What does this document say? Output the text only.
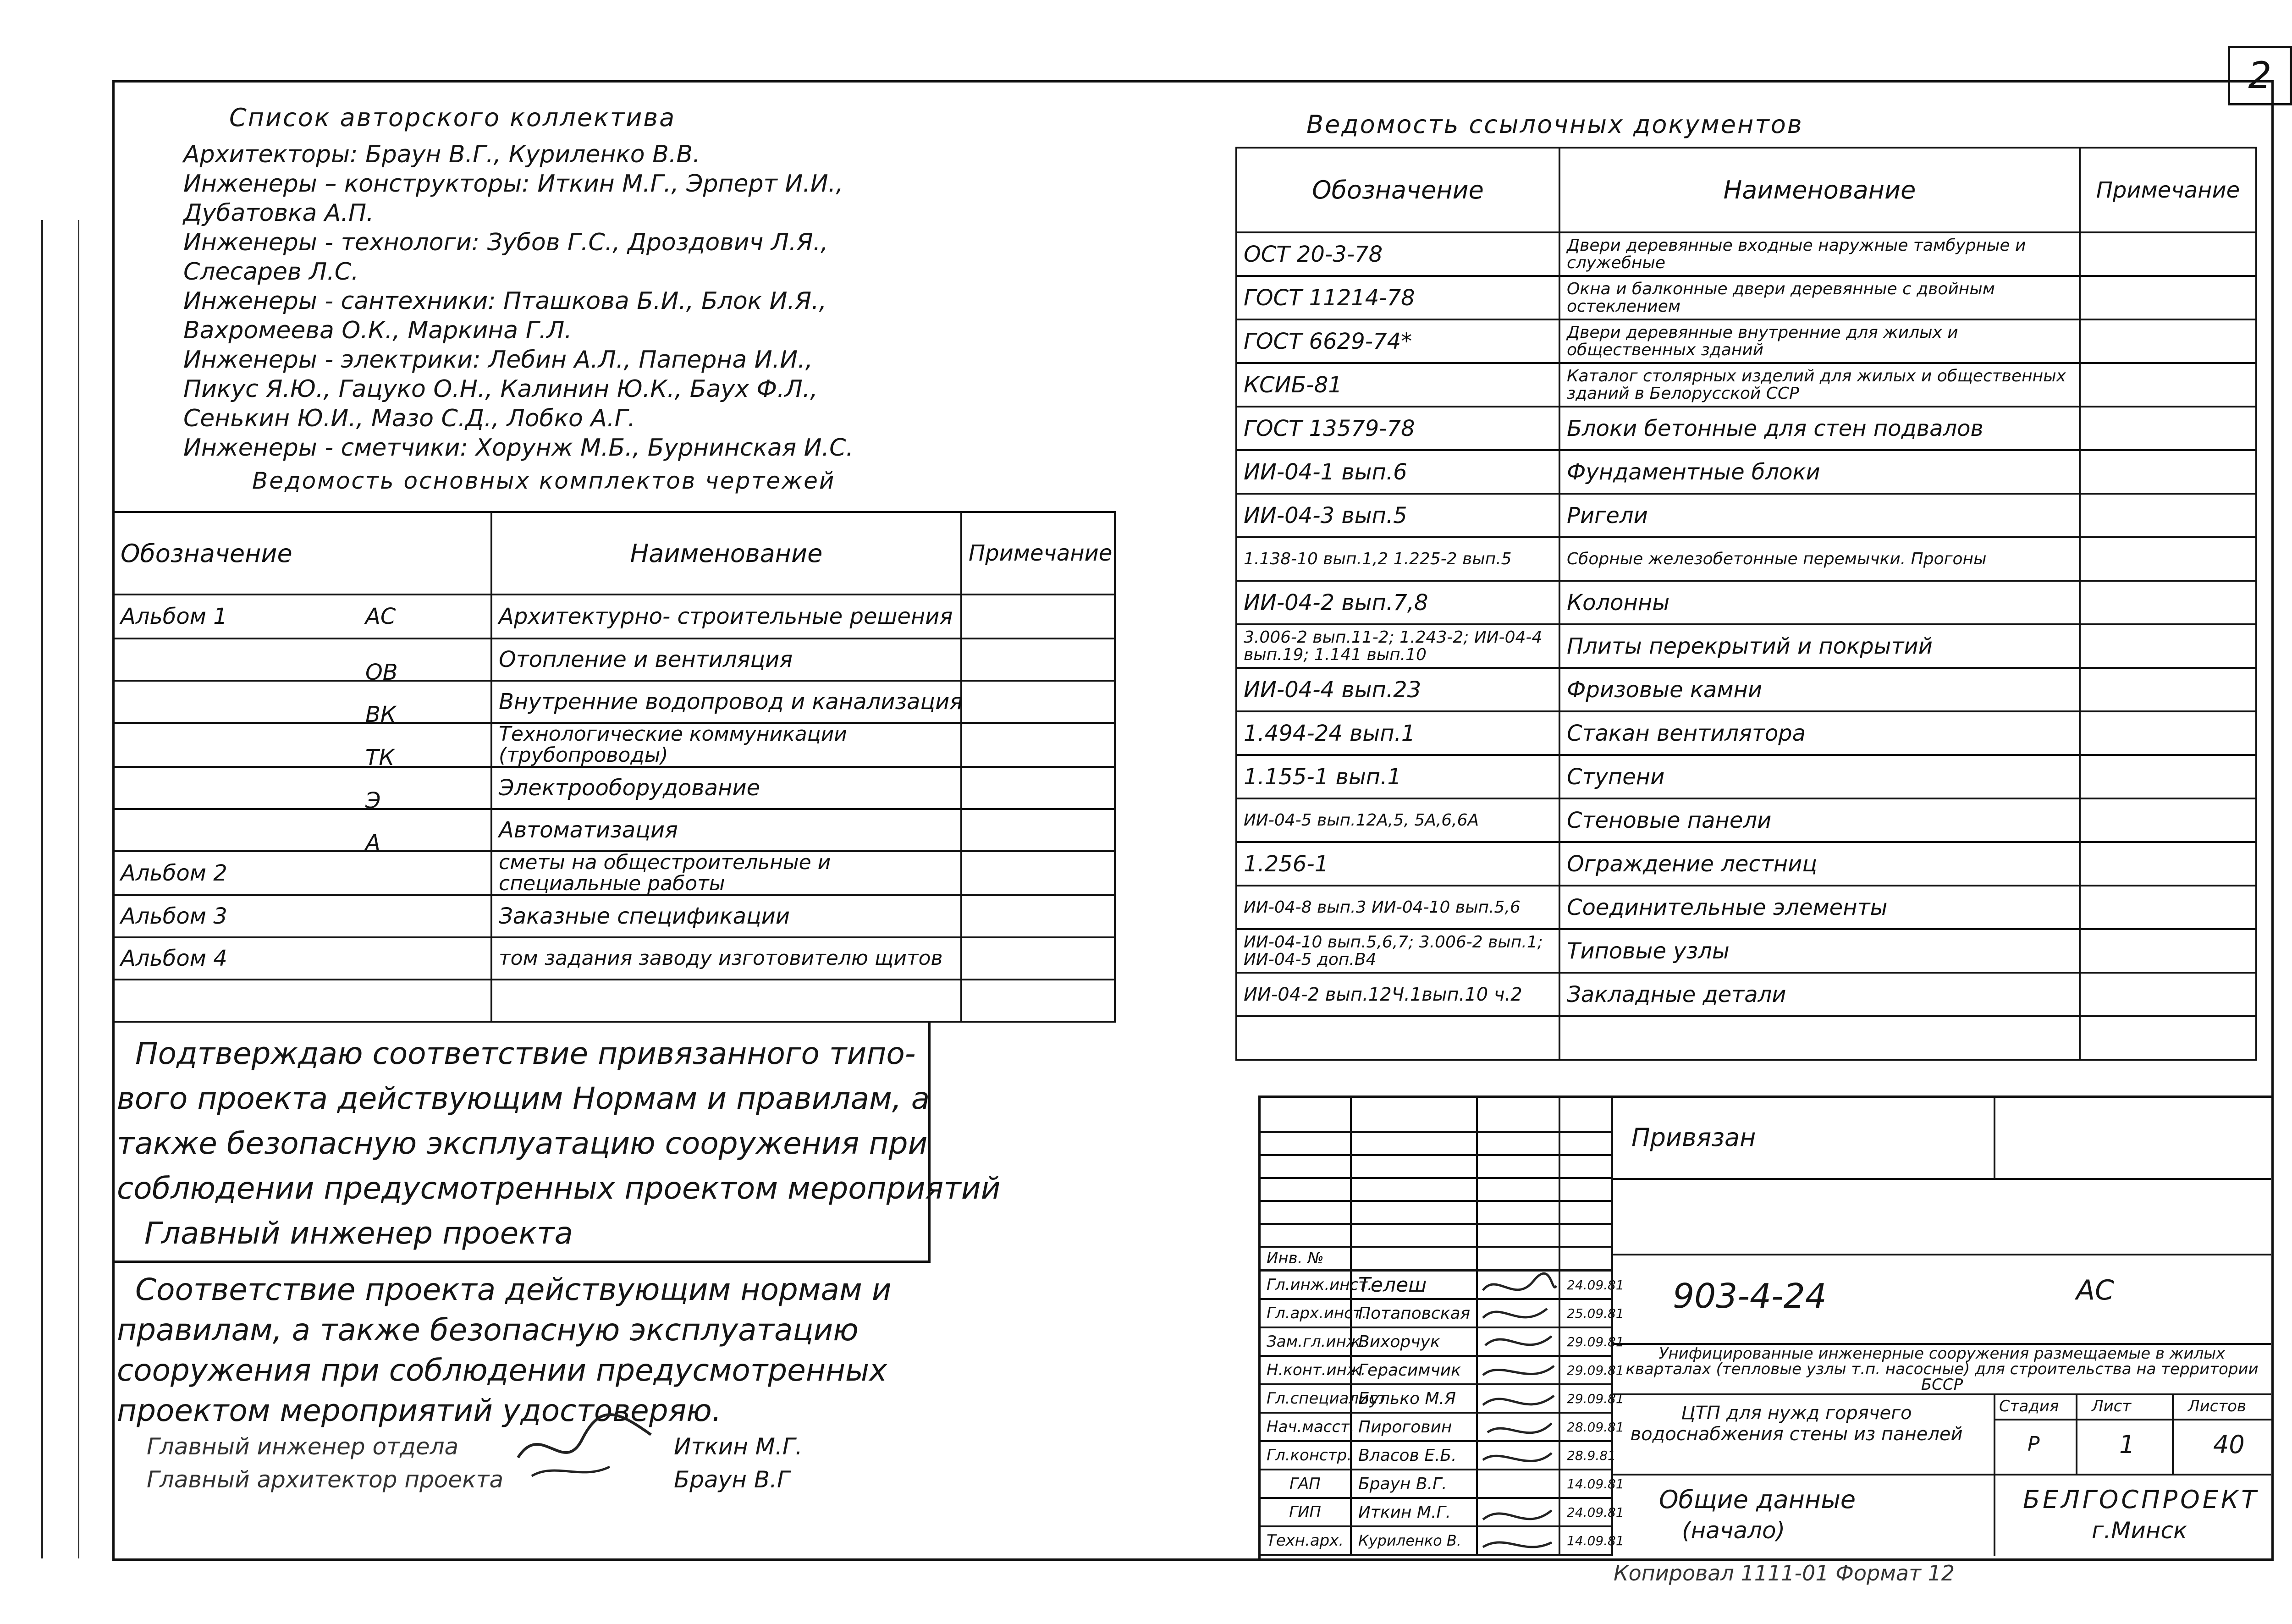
2
Список авторского коллектива
Архитекторы: Браун В.Г., Куриленко В.В.
Инженеры – конструкторы: Иткин М.Г., Эрперт И.И.,
Дубатовка А.П.
Инженеры - технологи: Зубов Г.С., Дроздович Л.Я.,
Слесарев Л.С.
Инженеры - сантехники: Пташкова Б.И., Блок И.Я.,
Вахромеева О.К., Маркина Г.Л.
Инженеры - электрики: Лебин А.Л., Паперна И.И.,
Пикус Я.Ю., Гацуко О.Н., Калинин Ю.К., Баух Ф.Л.,
Сенькин Ю.И., Мазо С.Д., Лобко А.Г.
Инженеры - сметчики: Хорунж М.Б., Бурнинская И.С.
Ведомость основных комплектов чертежей
Обозначение	Наименование	Примечание
Альбом 1 АС	Архитектурно- строительные решения	

ОВ	Отопление и вентиляция	

ВК	Внутренние водопровод и канализация	

ТК	Технологические коммуникации (трубопроводы)	

Э	Электрооборудование	

А	Автоматизация	
Альбом 2	сметы на общестроительные и специальные работы	
Альбом 3	Заказные спецификации	
Альбом 4	том задания заводу изготовителю щитов	

Подтверждаю соответствие привязанного типо-
вого проекта действующим Нормам и правилам, а
также безопасную эксплуатацию сооружения при
соблюдении предусмотренных проектом мероприятий
Главный инженер проекта
Соответствие проекта действующим нормам и
правилам, а также безопасную эксплуатацию
сооружения при соблюдении предусмотренных
проектом мероприятий удостоверяю.
Главный инженер отдела	Иткин М.Г.
Главный архитектор проекта	Браун В.Г
Ведомость ссылочных документов
Обозначение	Наименование	Примечание
ОСТ 20-3-78	Двери деревянные входные наружные тамбурные и служебные	
ГОСТ 11214-78	Окна и балконные двери деревянные с двойным остеклением	
ГОСТ 6629-74*	Двери деревянные внутренние для жилых и общественных зданий	
КСИБ-81	Каталог столярных изделий для жилых и общественных зданий в Белорусской ССР	
ГОСТ 13579-78	Блоки бетонные для стен подвалов	
ИИ-04-1 вып.6	Фундаментные блоки	
ИИ-04-3 вып.5	Ригели	
1.138-10 вып.1,2 1.225-2 вып.5	Сборные железобетонные перемычки. Прогоны	
ИИ-04-2 вып.7,8	Колонны	
3.006-2 вып.11-2; 1.243-2; ИИ-04-4 вып.19; 1.141 вып.10	Плиты перекрытий и покрытий	
ИИ-04-4 вып.23	Фризовые камни	
1.494-24 вып.1	Стакан вентилятора	
1.155-1 вып.1	Ступени	
ИИ-04-5 вып.12А,5, 5А,6,6А	Стеновые панели	
1.256-1	Ограждение лестниц	
ИИ-04-8 вып.3 ИИ-04-10 вып.5,6	Соединительные элементы	
ИИ-04-10 вып.5,6,7; 3.006-2 вып.1; ИИ-04-5 доп.В4	Типовые узлы	
ИИ-04-2 вып.12Ч.1вып.10 ч.2	Закладные детали	

Инв. №			
Гл.инж.инст.	Телеш		24.09.81
Гл.арх.инст.	Потаповская		25.09.81
Зам.гл.инж.	Вихорчук		29.09.81
Н.конт.инж.	Герасимчик		29.09.81
Гл.специалист	Булько М.Я		29.09.81
Нач.масст.	Пироговин		28.09.81
Гл.констр.	Власов Е.Б.		28.9.81
ГАП	Браун В.Г.		14.09.81
ГИП	Иткин М.Г.		24.09.81
Техн.арх.	Куриленко В.		14.09.81
Привязан
903-4-24	АС
Унифицированные инженерные сооружения размещаемые в жилых кварталах (тепловые узлы т.п. насосные) для строительства на территории БССР
ЦТП для нужд горячего водоснабжения стены из панелей
Стадия Лист	Листов
Р	1	40
Общие данные
(начало)
БЕЛГОСПРОЕКТ
г.Минск
Копировал 1111-01 Формат 12
